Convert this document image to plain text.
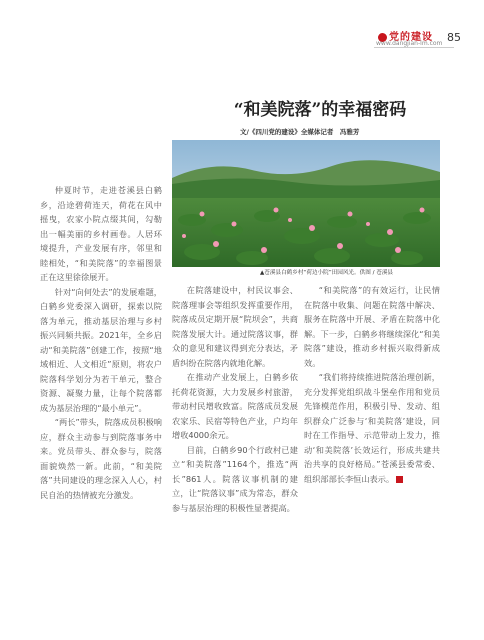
党的建设 85
www.dangjian-lm.com
“和美院落”的幸福密码
文/《四川党的建设》全媒体记者　冯雅芳
▲苍溪县白鹤乡村“荷边小院”田园风光。供图 / 苍溪县

仲夏时节，走进苍溪县白鹤乡，沿途碧荷连天，荷花在风中摇曳，农家小院点缀其间，勾勒出一幅美丽的乡村画卷。人居环境提升，产业发展有序，邻里和睦相处，“和美院落”的幸福图景正在这里徐徐展开。

针对“向何处去”的发展难题，白鹤乡党委深入调研，探索以院落为单元，推动基层治理与乡村振兴同频共振。2021年，全乡启动“和美院落”创建工作，按照“地域相近、人文相近”原则，将农户院落科学划分为若干单元，整合资源、凝聚力量，让每个院落都成为基层治理的“最小单元”。

“两长”带头，院落成员积极响应，群众主动参与到院落事务中来。党员带头、群众参与，院落面貌焕然一新。此前，“和美院落”共同建设的理念深入人心，村民自治的热情被充分激发。

在院落建设中，村民议事会、院落理事会等组织发挥重要作用，院落成员定期开展“院坝会”，共商院落发展大计。通过院落议事，群众的意见和建议得到充分表达，矛盾纠纷在院落内就地化解。

在推动产业发展上，白鹤乡依托荷花资源，大力发展乡村旅游，带动村民增收致富。院落成员发展农家乐、民宿等特色产业，户均年增收4000余元。

目前，白鹤乡90个行政村已建立“和美院落”1164个，推选“两长”861人。院落议事机制的建立，让“院落议事”成为常态，群众参与基层治理的积极性显著提高。

“和美院落”的有效运行，让民情在院落中收集、问题在院落中解决、服务在院落中开展、矛盾在院落中化解。下一步，白鹤乡将继续深化“和美院落”建设，推动乡村振兴取得新成效。

“我们将持续推进院落治理创新，充分发挥党组织战斗堡垒作用和党员先锋模范作用，积极引导、发动、组织群众广泛参与‘和美院落’建设，同时在工作指导、示范带动上发力，推动‘和美院落’长效运行，形成共建共治共享的良好格局。”苍溪县委常委、组织部部长李恒山表示。
